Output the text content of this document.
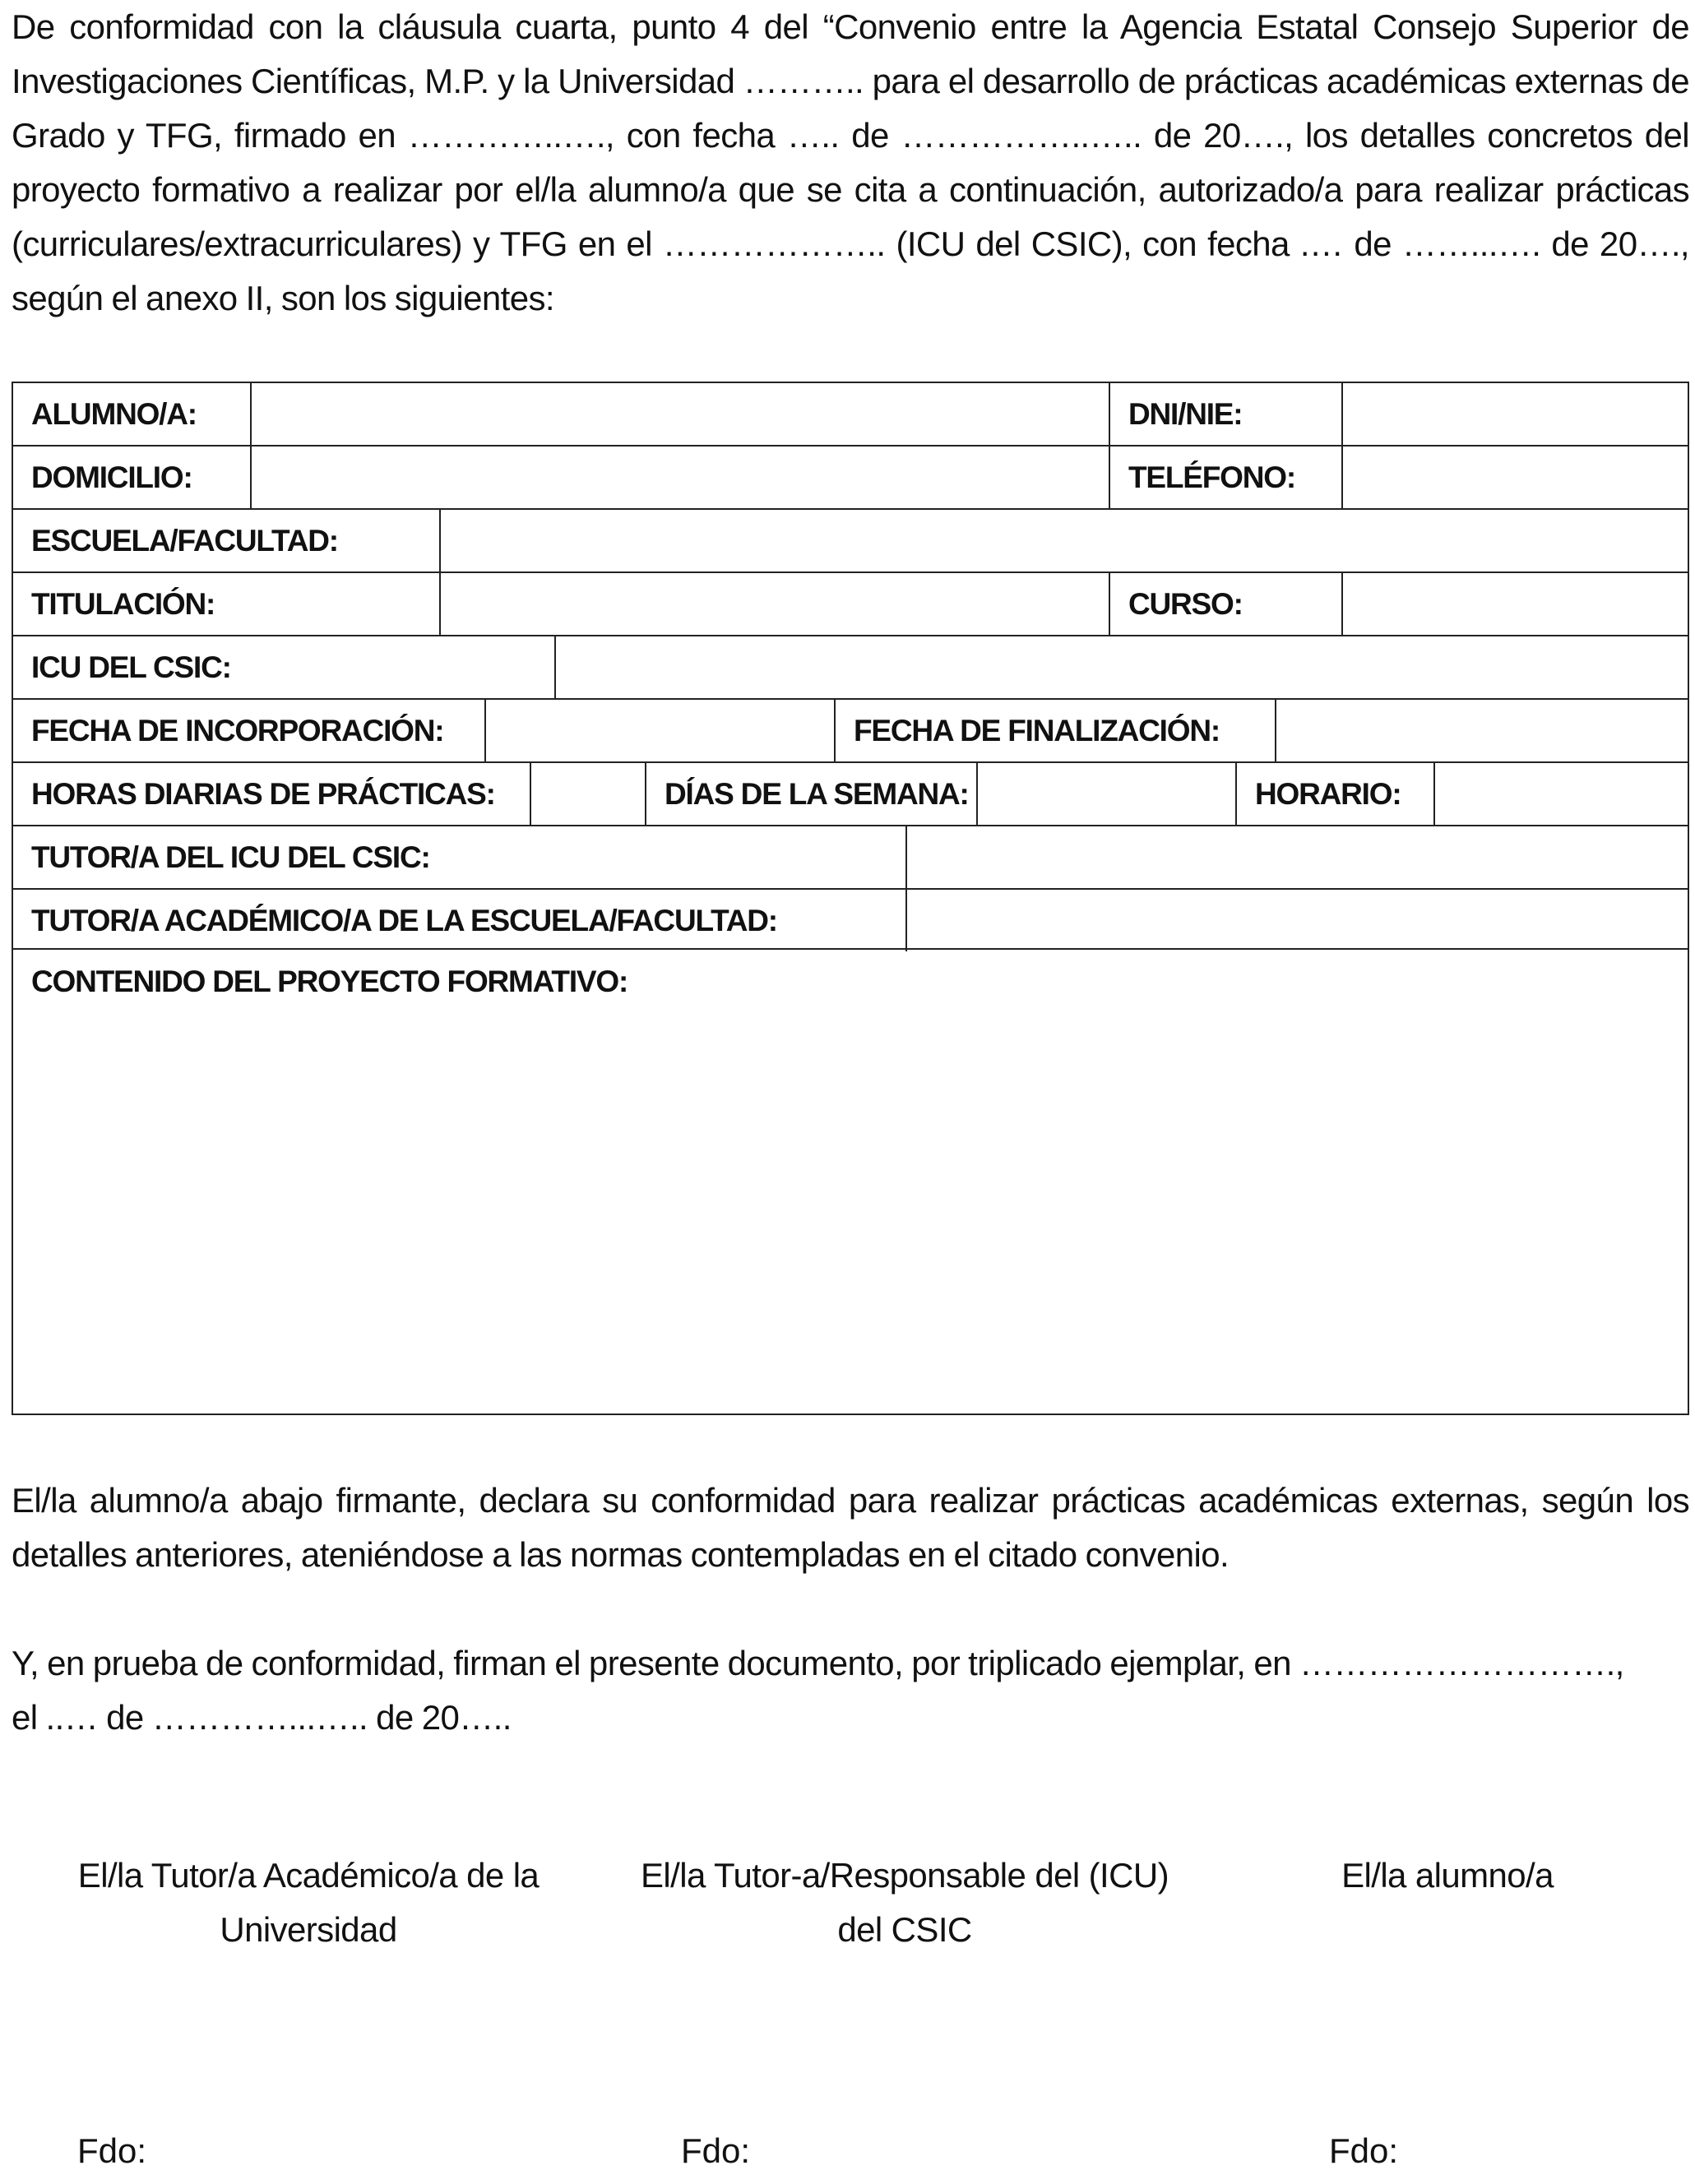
De conformidad con la cláusula cuarta, punto 4 del “Convenio entre la Agencia Estatal Consejo Superior de Investigaciones Científicas, M.P. y la Universidad ……….. para el desarrollo de prácticas académicas externas de Grado y TFG, firmado en …………..…., con fecha ….. de ……………..….. de 20…., los detalles concretos del proyecto formativo a realizar por el/la alumno/a que se cita a continuación, autorizado/a para realizar prácticas (curriculares/extracurriculares) y TFG en el ……………….. (ICU del CSIC), con fecha .… de ……...…. de 20…., según el anexo II, son los siguientes:

ALUMNO/A:	DNI/NIE:
DOMICILIO:	TELÉFONO:
ESCUELA/FACULTAD:
TITULACIÓN:	CURSO:
ICU DEL CSIC:
FECHA DE INCORPORACIÓN:	FECHA DE FINALIZACIÓN:
HORAS DIARIAS DE PRÁCTICAS:	DÍAS DE LA SEMANA:	HORARIO:
TUTOR/A DEL ICU DEL CSIC:
TUTOR/A ACADÉMICO/A DE LA ESCUELA/FACULTAD:
CONTENIDO DEL PROYECTO FORMATIVO:

El/la alumno/a abajo firmante, declara su conformidad para realizar prácticas académicas externas, según los detalles anteriores, ateniéndose a las normas contempladas en el citado convenio.

Y, en prueba de conformidad, firman el presente documento, por triplicado ejemplar, en ……………………….,

el ..… de …………...….. de 20…..

El/la Tutor/a Académico/a de la
Universidad
El/la Tutor-a/Responsable del (ICU)
del CSIC
El/la alumno/a
Fdo:	Fdo:	Fdo:
